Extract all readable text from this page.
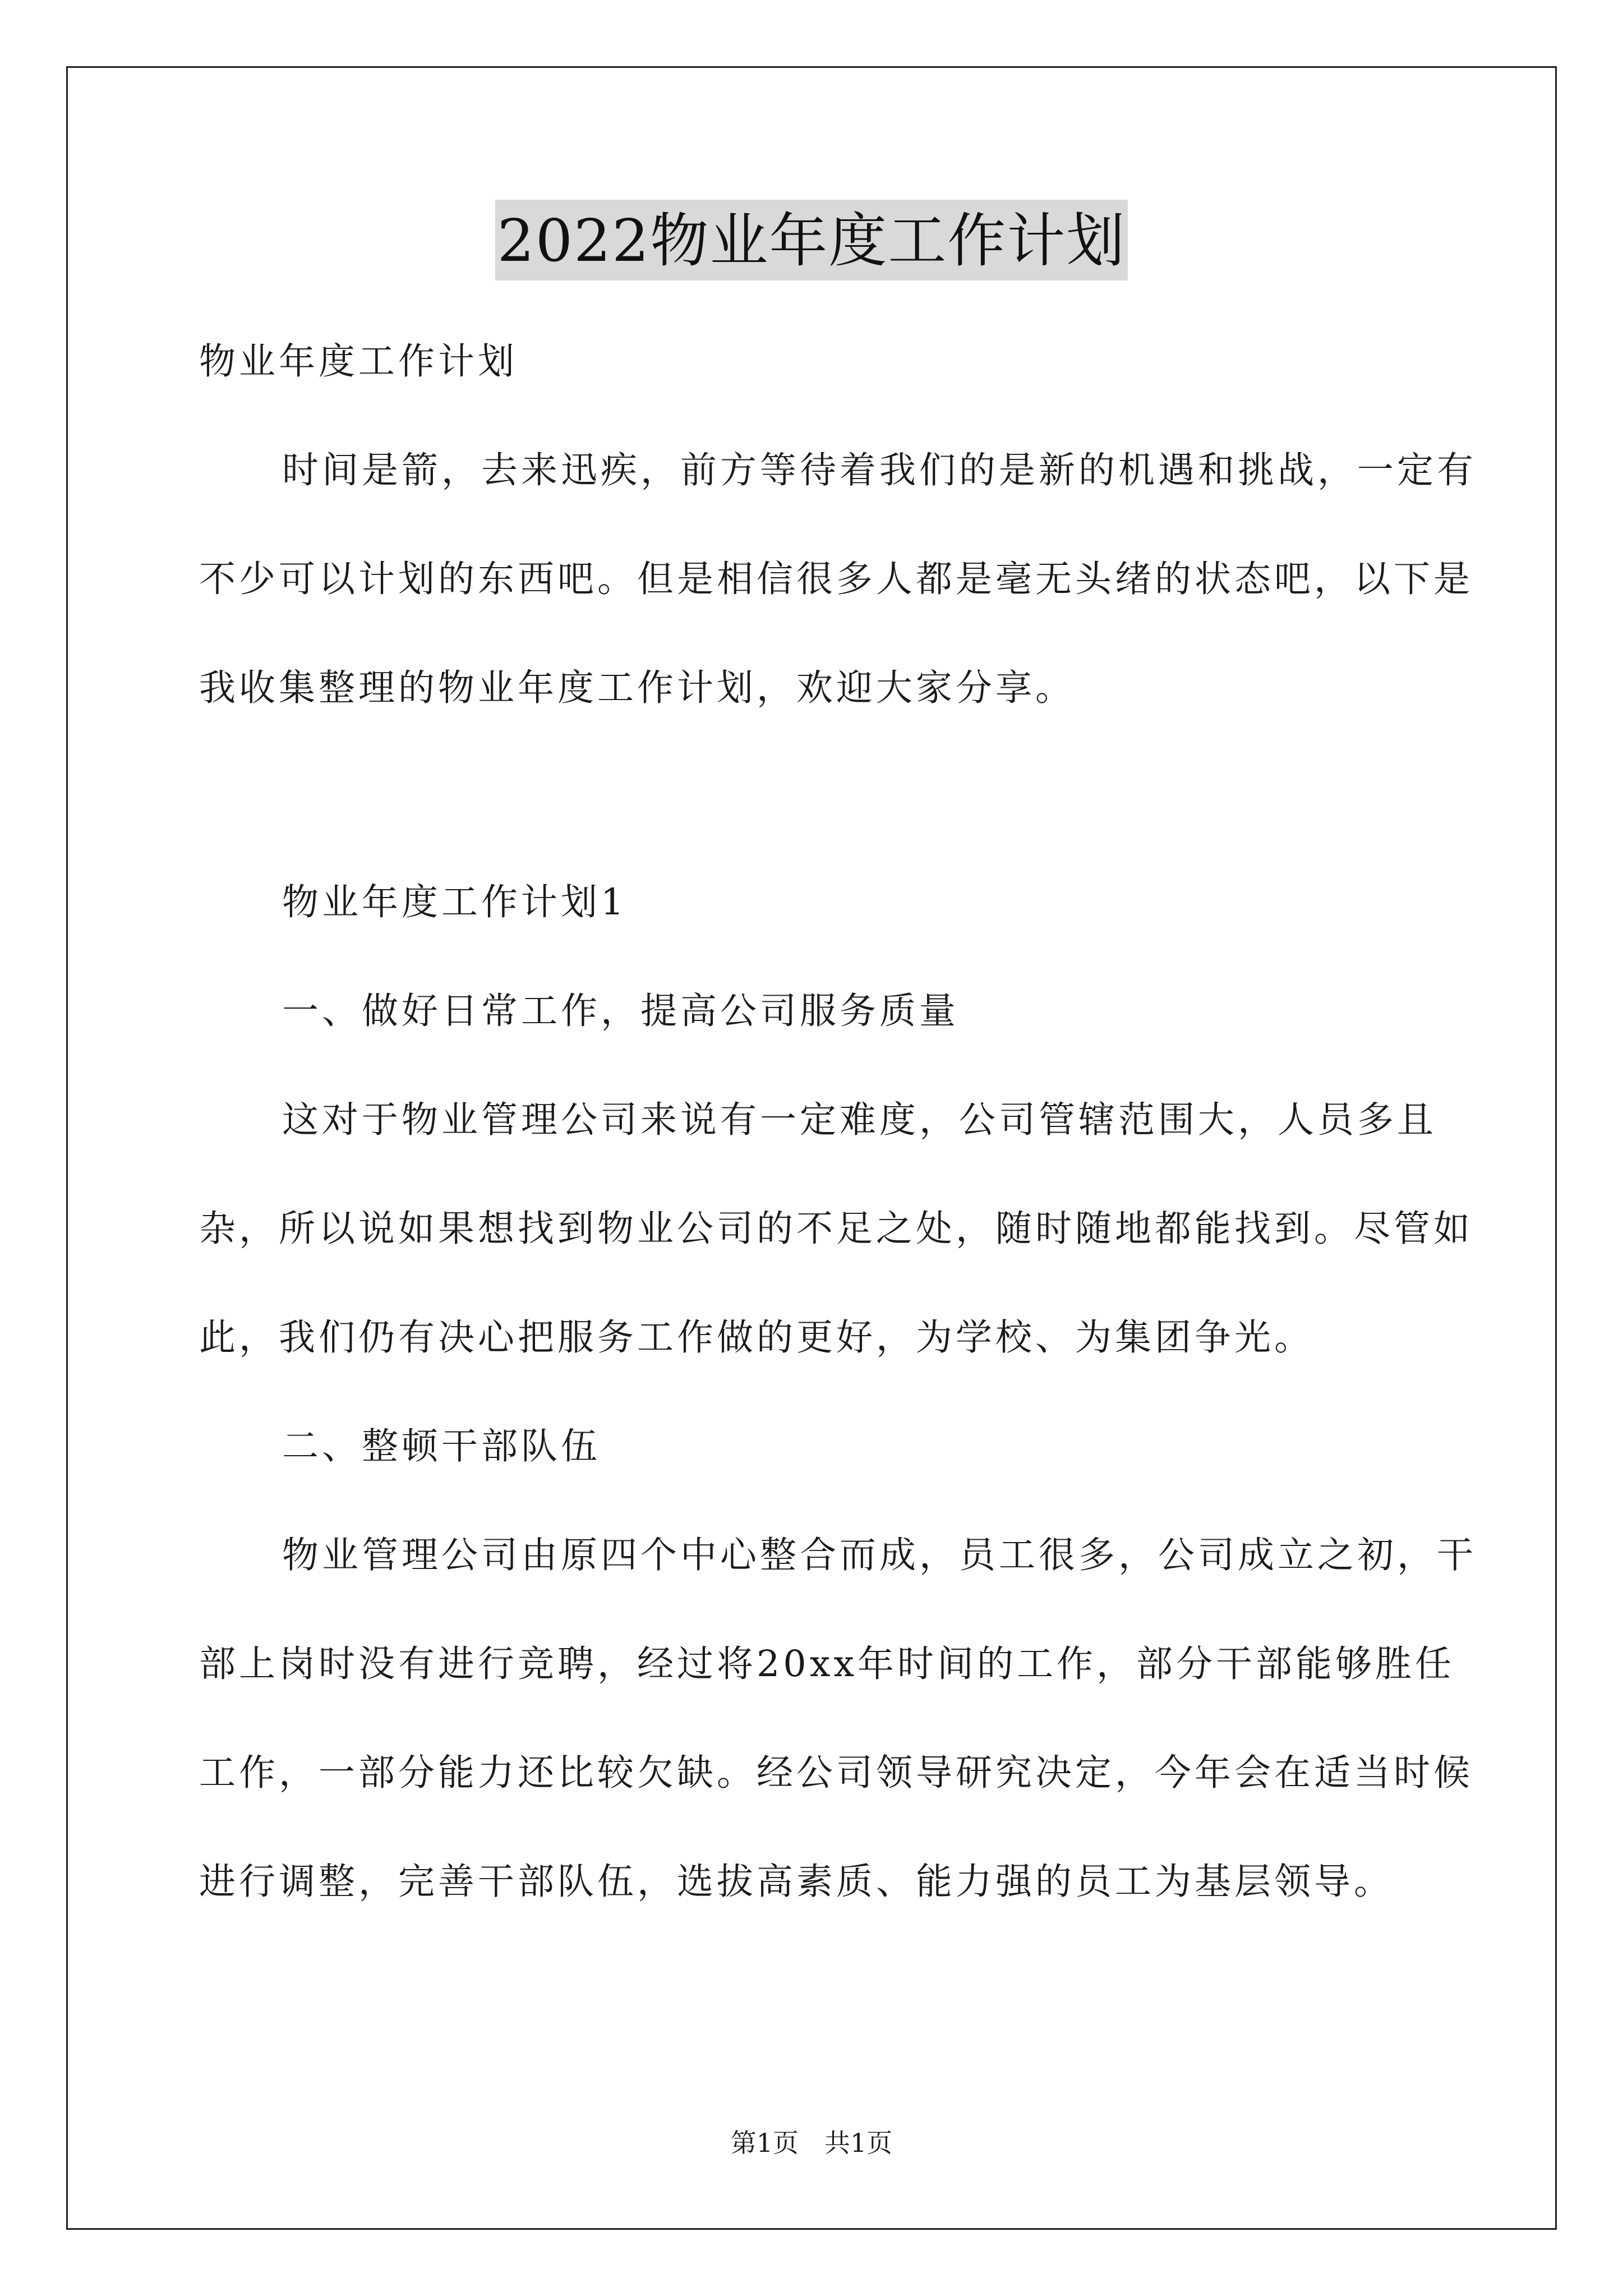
2022物业年度工作计划

物业年度工作计划

时间是箭，去来迅疾，前方等待着我们的是新的机遇和挑战，一定有不少可以计划的东西吧。但是相信很多人都是毫无头绪的状态吧，以下是我收集整理的物业年度工作计划，欢迎大家分享。

物业年度工作计划1

一、做好日常工作，提高公司服务质量

这对于物业管理公司来说有一定难度，公司管辖范围大，人员多且杂，所以说如果想找到物业公司的不足之处，随时随地都能找到。尽管如此，我们仍有决心把服务工作做的更好，为学校、为集团争光。

二、整顿干部队伍

物业管理公司由原四个中心整合而成，员工很多，公司成立之初，干部上岗时没有进行竞聘，经过将20xx年时间的工作，部分干部能够胜任工作，一部分能力还比较欠缺。经公司领导研究决定，今年会在适当时候进行调整，完善干部队伍，选拔高素质、能力强的员工为基层领导。

第1页　共1页
